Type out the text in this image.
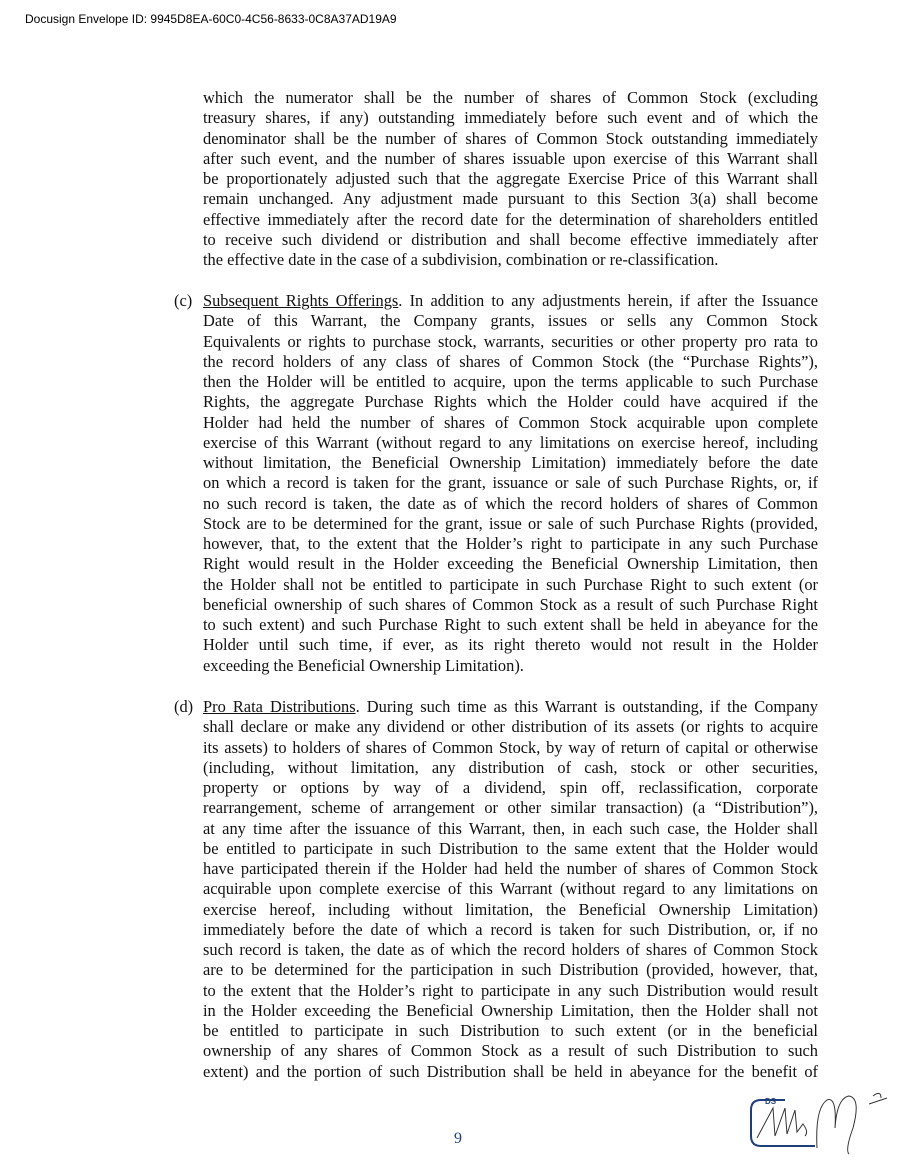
Docusign Envelope ID: 9945D8EA-60C0-4C56-8633-0C8A37AD19A9
which the numerator shall be the number of shares of Common Stock (excluding
treasury shares, if any) outstanding immediately before such event and of which the
denominator shall be the number of shares of Common Stock outstanding immediately
after such event, and the number of shares issuable upon exercise of this Warrant shall
be proportionately adjusted such that the aggregate Exercise Price of this Warrant shall
remain unchanged. Any adjustment made pursuant to this Section 3(a) shall become
effective immediately after the record date for the determination of shareholders entitled
to receive such dividend or distribution and shall become effective immediately after
the effective date in the case of a subdivision, combination or re-classification.
(c) Subsequent Rights Offerings. In addition to any adjustments herein, if after the Issuance
Date of this Warrant, the Company grants, issues or sells any Common Stock
Equivalents or rights to purchase stock, warrants, securities or other property pro rata to
the record holders of any class of shares of Common Stock (the “Purchase Rights”),
then the Holder will be entitled to acquire, upon the terms applicable to such Purchase
Rights, the aggregate Purchase Rights which the Holder could have acquired if the
Holder had held the number of shares of Common Stock acquirable upon complete
exercise of this Warrant (without regard to any limitations on exercise hereof, including
without limitation, the Beneficial Ownership Limitation) immediately before the date
on which a record is taken for the grant, issuance or sale of such Purchase Rights, or, if
no such record is taken, the date as of which the record holders of shares of Common
Stock are to be determined for the grant, issue or sale of such Purchase Rights (provided,
however, that, to the extent that the Holder’s right to participate in any such Purchase
Right would result in the Holder exceeding the Beneficial Ownership Limitation, then
the Holder shall not be entitled to participate in such Purchase Right to such extent (or
beneficial ownership of such shares of Common Stock as a result of such Purchase Right
to such extent) and such Purchase Right to such extent shall be held in abeyance for the
Holder until such time, if ever, as its right thereto would not result in the Holder
exceeding the Beneficial Ownership Limitation).
(d) Pro Rata Distributions. During such time as this Warrant is outstanding, if the Company
shall declare or make any dividend or other distribution of its assets (or rights to acquire
its assets) to holders of shares of Common Stock, by way of return of capital or otherwise
(including, without limitation, any distribution of cash, stock or other securities,
property or options by way of a dividend, spin off, reclassification, corporate
rearrangement, scheme of arrangement or other similar transaction) (a “Distribution”),
at any time after the issuance of this Warrant, then, in each such case, the Holder shall
be entitled to participate in such Distribution to the same extent that the Holder would
have participated therein if the Holder had held the number of shares of Common Stock
acquirable upon complete exercise of this Warrant (without regard to any limitations on
exercise hereof, including without limitation, the Beneficial Ownership Limitation)
immediately before the date of which a record is taken for such Distribution, or, if no
such record is taken, the date as of which the record holders of shares of Common Stock
are to be determined for the participation in such Distribution (provided, however, that,
to the extent that the Holder’s right to participate in any such Distribution would result
in the Holder exceeding the Beneficial Ownership Limitation, then the Holder shall not
be entitled to participate in such Distribution to such extent (or in the beneficial
ownership of any shares of Common Stock as a result of such Distribution to such
extent) and the portion of such Distribution shall be held in abeyance for the benefit of
9
DS
